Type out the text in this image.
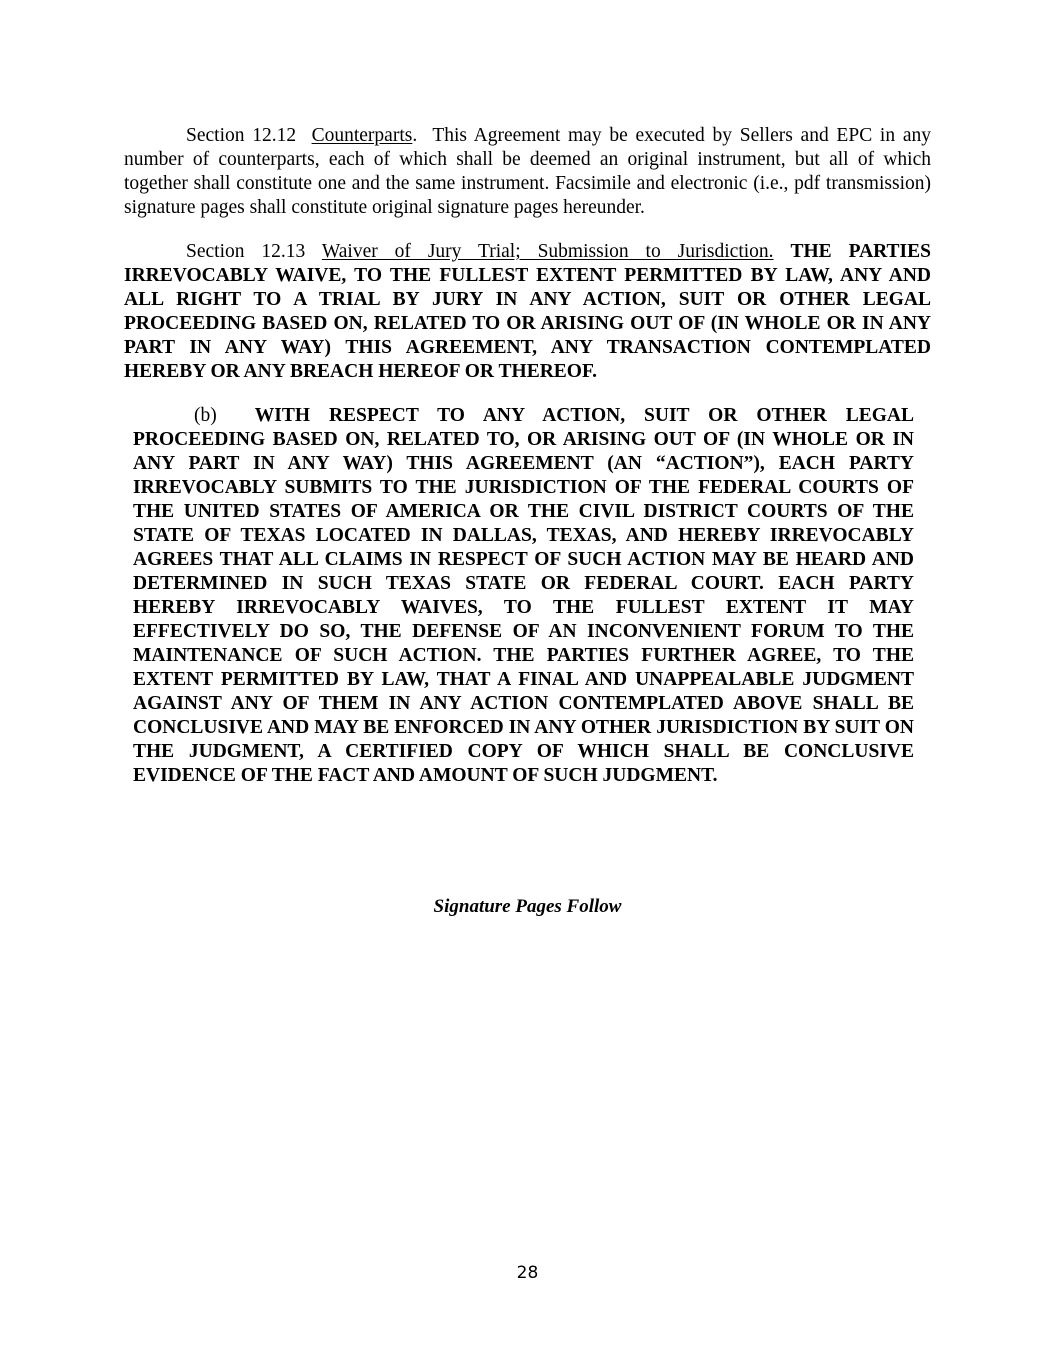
Section 12.12 Counterparts. This Agreement may be executed by Sellers and EPC in any number of counterparts, each of which shall be deemed an original instrument, but all of which together shall constitute one and the same instrument. Facsimile and electronic (i.e., pdf transmission) signature pages shall constitute original signature pages hereunder.

Section 12.13 Waiver of Jury Trial; Submission to Jurisdiction. THE PARTIES IRREVOCABLY WAIVE, TO THE FULLEST EXTENT PERMITTED BY LAW, ANY AND ALL RIGHT TO A TRIAL BY JURY IN ANY ACTION, SUIT OR OTHER LEGAL PROCEEDING BASED ON, RELATED TO OR ARISING OUT OF (IN WHOLE OR IN ANY PART IN ANY WAY) THIS AGREEMENT, ANY TRANSACTION CONTEMPLATED HEREBY OR ANY BREACH HEREOF OR THEREOF.

(b) WITH RESPECT TO ANY ACTION, SUIT OR OTHER LEGAL PROCEEDING BASED ON, RELATED TO, OR ARISING OUT OF (IN WHOLE OR IN ANY PART IN ANY WAY) THIS AGREEMENT (AN “ACTION”), EACH PARTY IRREVOCABLY SUBMITS TO THE JURISDICTION OF THE FEDERAL COURTS OF THE UNITED STATES OF AMERICA OR THE CIVIL DISTRICT COURTS OF THE STATE OF TEXAS LOCATED IN DALLAS, TEXAS, AND HEREBY IRREVOCABLY AGREES THAT ALL CLAIMS IN RESPECT OF SUCH ACTION MAY BE HEARD AND DETERMINED IN SUCH TEXAS STATE OR FEDERAL COURT. EACH PARTY HEREBY IRREVOCABLY WAIVES, TO THE FULLEST EXTENT IT MAY EFFECTIVELY DO SO, THE DEFENSE OF AN INCONVENIENT FORUM TO THE MAINTENANCE OF SUCH ACTION. THE PARTIES FURTHER AGREE, TO THE EXTENT PERMITTED BY LAW, THAT A FINAL AND UNAPPEALABLE JUDGMENT AGAINST ANY OF THEM IN ANY ACTION CONTEMPLATED ABOVE SHALL BE CONCLUSIVE AND MAY BE ENFORCED IN ANY OTHER JURISDICTION BY SUIT ON THE JUDGMENT, A CERTIFIED COPY OF WHICH SHALL BE CONCLUSIVE EVIDENCE OF THE FACT AND AMOUNT OF SUCH JUDGMENT.

Signature Pages Follow
28
